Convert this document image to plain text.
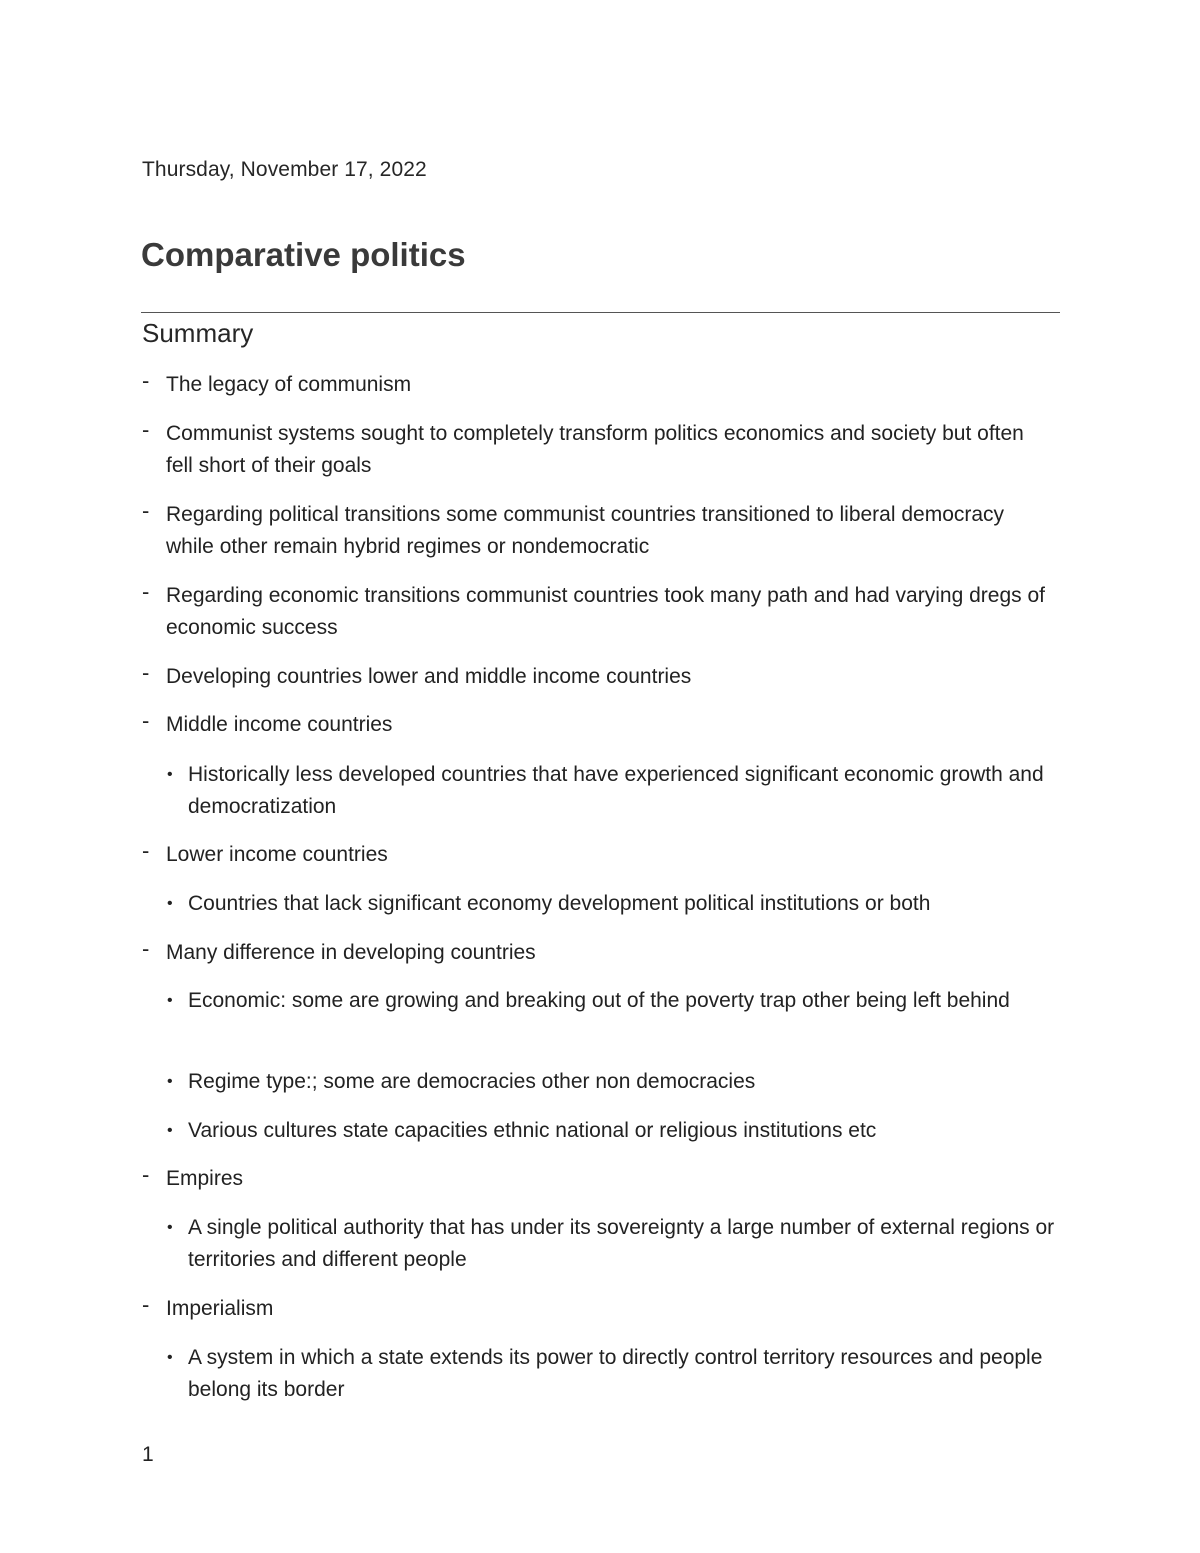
Thursday, November 17, 2022
Comparative politics
Summary
- The legacy of communism
- Communist systems sought to completely transform politics economics and society but often fell short of their goals
- Regarding political transitions some communist countries transitioned to liberal democracy while other remain hybrid regimes or nondemocratic
- Regarding economic transitions communist countries took many path and had varying dregs of economic success
- Developing countries lower and middle income countries
- Middle income countries
• Historically less developed countries that have experienced significant economic growth and democratization
- Lower income countries
• Countries that lack significant economy development political institutions or both
- Many difference in developing countries
• Economic: some are growing and breaking out of the poverty trap other being left behind
• Regime type:; some are democracies other non democracies
• Various cultures state capacities ethnic national or religious institutions etc
- Empires
• A single political authority that has under its sovereignty a large number of external regions or territories and different people
- Imperialism
• A system in which a state extends its power to directly control territory resources and people belong its border
1
